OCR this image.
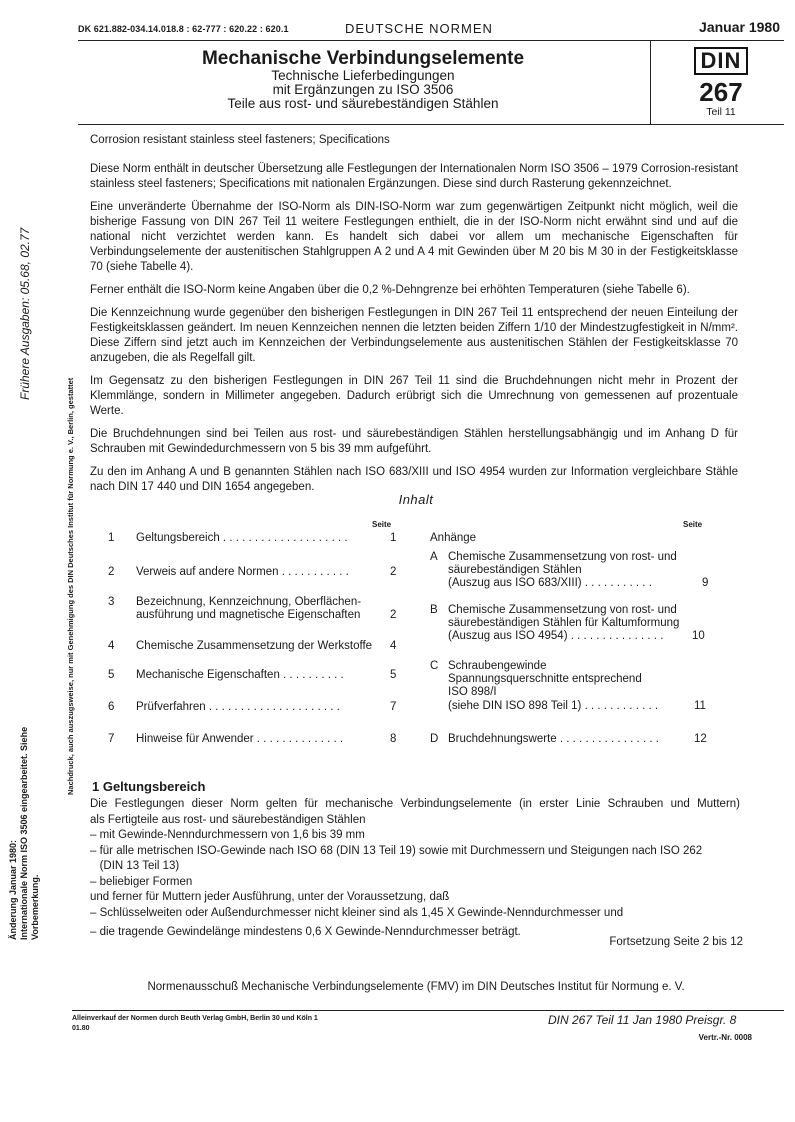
DK 621.882-034.14.018.8 : 62-777 : 620.22 : 620.1	DEUTSCHE NORMEN	Januar 1980
Mechanische Verbindungselemente
Technische Lieferbedingungen
mit Ergänzungen zu ISO 3506
Teile aus rost- und säurebeständigen Stählen
DIN
267
Teil 11

Corrosion resistant stainless steel fasteners; Specifications

Diese Norm enthält in deutscher Übersetzung alle Festlegungen der Internationalen Norm ISO 3506 – 1979 Corrosion-resistant stainless steel fasteners; Specifications mit nationalen Ergänzungen. Diese sind durch Rasterung gekennzeichnet.

Eine unveränderte Übernahme der ISO-Norm als DIN-ISO-Norm war zum gegenwärtigen Zeitpunkt nicht möglich, weil die bisherige Fassung von DIN 267 Teil 11 weitere Festlegungen enthielt, die in der ISO-Norm nicht erwähnt sind und auf die national nicht verzichtet werden kann. Es handelt sich dabei vor allem um mechanische Eigenschaften für Verbindungselemente der austenitischen Stahlgruppen A 2 und A 4 mit Gewinden über M 20 bis M 30 in der Festigkeitsklasse 70 (siehe Tabelle 4).

Ferner enthält die ISO-Norm keine Angaben über die 0,2 %-Dehngrenze bei erhöhten Temperaturen (siehe Tabelle 6).

Die Kennzeichnung wurde gegenüber den bisherigen Festlegungen in DIN 267 Teil 11 entsprechend der neuen Einteilung der Festigkeitsklassen geändert. Im neuen Kennzeichen nennen die letzten beiden Ziffern 1/10 der Mindestzugfestigkeit in N/mm². Diese Ziffern sind jetzt auch im Kennzeichen der Verbindungselemente aus austenitischen Stählen der Festigkeitsklasse 70 anzugeben, die als Regelfall gilt.

Im Gegensatz zu den bisherigen Festlegungen in DIN 267 Teil 11 sind die Bruchdehnungen nicht mehr in Prozent der Klemmlänge, sondern in Millimeter angegeben. Dadurch erübrigt sich die Umrechnung von gemessenen auf prozentuale Werte.

Die Bruchdehnungen sind bei Teilen aus rost- und säurebeständigen Stählen herstellungsabhängig und im Anhang D für Schrauben mit Gewindedurchmessern von 5 bis 39 mm aufgeführt.

Zu den im Anhang A und B genannten Stählen nach ISO 683/XIII und ISO 4954 wurden zur Information vergleichbare Stähle nach DIN 17 440 und DIN 1654 angegeben.

Frühere Ausgaben: 05.68, 02.77
Nachdruck, auch auszugsweise, nur mit Genehmigung des DIN Deutsches Institut für Normung e. V., Berlin, gestattet
Änderung Januar 1980: Internationale Norm ISO 3506 eingearbeitet. Siehe Vorbemerkung.
Inhalt
Seite	Seite
Anhänge
1 Geltungsbereich . . . . . . . . . . . . . . . . . . . .	1
2 Verweis auf andere Normen . . . . . . . . . . .	2
3 Bezeichnung, Kennzeichnung, Oberflächen-
ausführung und magnetische Eigenschaften	2
4 Chemische Zusammensetzung der Werkstoffe 4
5 Mechanische Eigenschaften . . . . . . . . . .	5
6 Prüfverfahren . . . . . . . . . . . . . . . . . . . . .	7
7 Hinweise für Anwender . . . . . . . . . . . . . .	8
A Chemische Zusammensetzung von rost- und
säurebeständigen Stählen
(Auszug aus ISO 683/XIII) . . . . . . . . . . .	9
B Chemische Zusammensetzung von rost- und
säurebeständigen Stählen für Kaltumformung
(Auszug aus ISO 4954) . . . . . . . . . . . . . . .	10
C Schraubengewinde
Spannungsquerschnitte entsprechend
ISO 898/I
(siehe DIN ISO 898 Teil 1) . . . . . . . . . . . .	11
D Bruchdehnungswerte . . . . . . . . . . . . . . . .	12
1 Geltungsbereich
Die Festlegungen dieser Norm gelten für mechanische Verbindungselemente (in erster Linie Schrauben und Muttern)
als Fertigteile aus rost- und säurebeständigen Stählen
– mit Gewinde-Nenndurchmessern von 1,6 bis 39 mm
– für alle metrischen ISO-Gewinde nach ISO 68 (DIN 13 Teil 19) sowie mit Durchmessern und Steigungen nach ISO 262
(DIN 13 Teil 13)
– beliebiger Formen
und ferner für Muttern jeder Ausführung, unter der Voraussetzung, daß
– Schlüsselweiten oder Außendurchmesser nicht kleiner sind als 1,45 X Gewinde-Nenndurchmesser und
– die tragende Gewindelänge mindestens 0,6 X Gewinde-Nenndurchmesser beträgt.
Fortsetzung Seite 2 bis 12
Normenausschuß Mechanische Verbindungselemente (FMV) im DIN Deutsches Institut für Normung e. V.
Alleinverkauf der Normen durch Beuth Verlag GmbH, Berlin 30 und Köln 1
01.80
DIN 267 Teil 11 Jan 1980 Preisgr. 8
Vertr.-Nr. 0008
